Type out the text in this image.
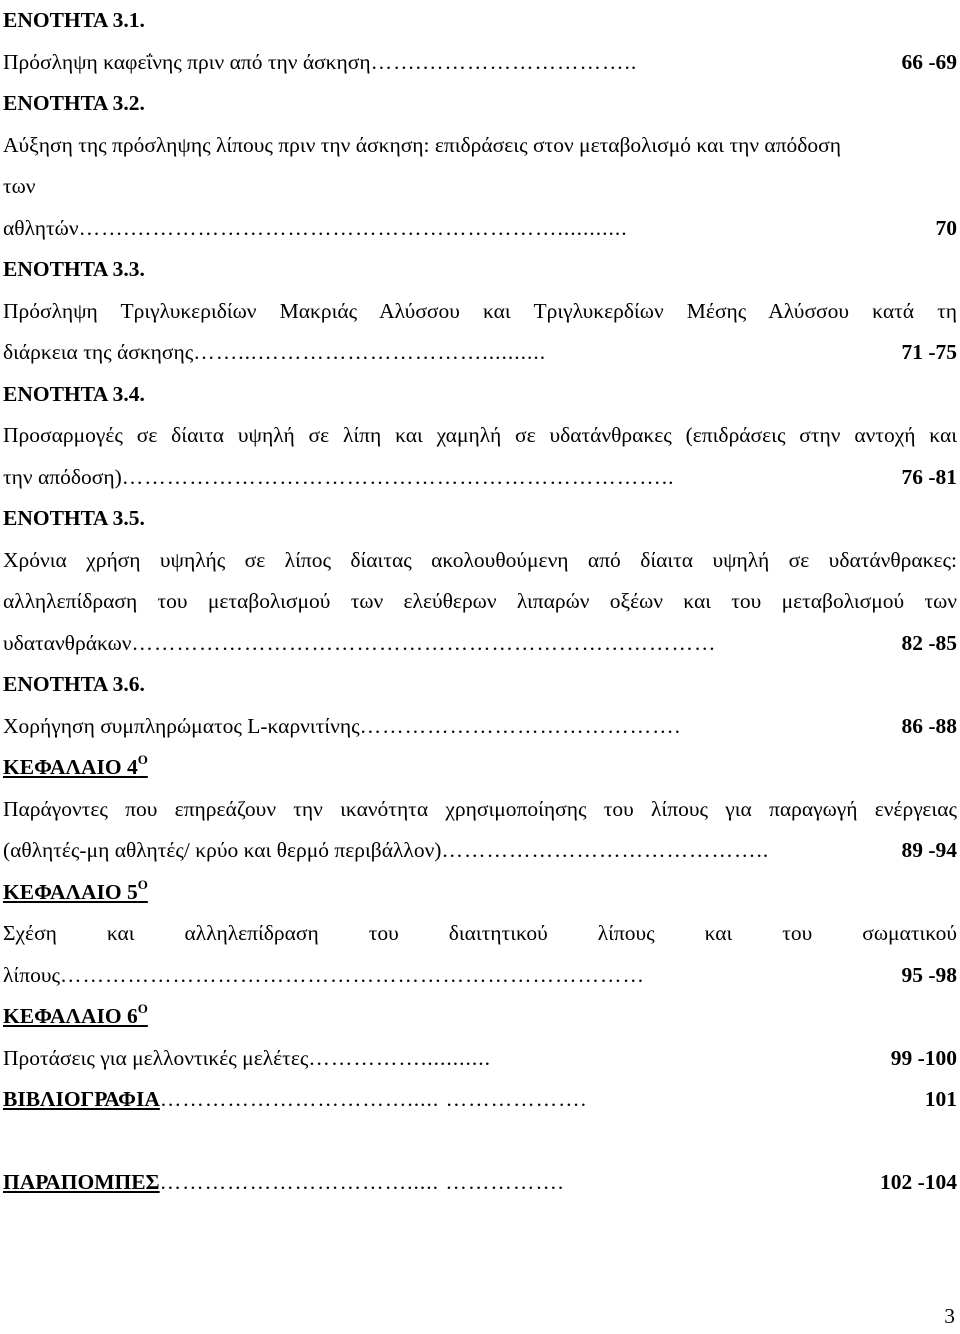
ΕΝΟΤΗΤΑ 3.1.
Πρόσληψη καφεΐνης πριν από την άσκηση …….………………………..	66 -69
ΕΝΟΤΗΤΑ 3.2.
Αύξηση της πρόσληψης λίπους πριν την άσκηση: επιδράσεις στον μεταβολισμό και την απόδοση
των
αθλητών …….…………………………………………………...........	70
ΕΝΟΤΗΤΑ 3.3.
Πρόσληψη Τριγλυκεριδίων Μακριάς Αλύσσου και Τριγλυκερδίων Μέσης Αλύσσου κατά τη
διάρκεια της άσκησης ……...…………………………..........	71 -75
ΕΝΟΤΗΤΑ 3.4.
Προσαρμογές σε δίαιτα υψηλή σε λίπη και χαμηλή σε υδατάνθρακες (επιδράσεις στην αντοχή και
την απόδοση) ………………………………………………………………..	76 -81
ΕΝΟΤΗΤΑ 3.5.
Χρόνια χρήση υψηλής σε λίπος δίαιτας ακολουθούμενη από δίαιτα υψηλή σε υδατάνθρακες:
αλληλεπίδραση του μεταβολισμού των ελεύθερων λιπαρών οξέων και του μεταβολισμού των
υδατανθράκων ……………………………………………………………………	82 -85
ΕΝΟΤΗΤΑ 3.6.
Χορήγηση συμπληρώματος L-καρνιτίνης …………………………………….	86 -88
ΚΕΦΑΛΑΙΟ $4^O$
Παράγοντες που επηρεάζουν την ικανότητα χρησιμοποίησης του λίπους για παραγωγή ενέργειας
(αθλητές-μη αθλητές/ κρύο και θερμό περιβάλλον) ……………………………………..	89 -94
ΚΕΦΑΛΑΙΟ $5^O$
Σχέση και αλληλεπίδραση του διαιτητικού λίπους και του σωματικού
λίπους ……………………………………………………………………	95 -98
ΚΕΦΑΛΑΙΟ $6^O$
Προτάσεις για μελλοντικές μελέτες ……………...........	99 -100
ΒΙΒΛΙΟΓΡΑΦΙΑ ……………………………..... ……………….	101
ΠΑΡΑΠΟΜΠΕΣ ……………………………..... …………….	102 -104
3
